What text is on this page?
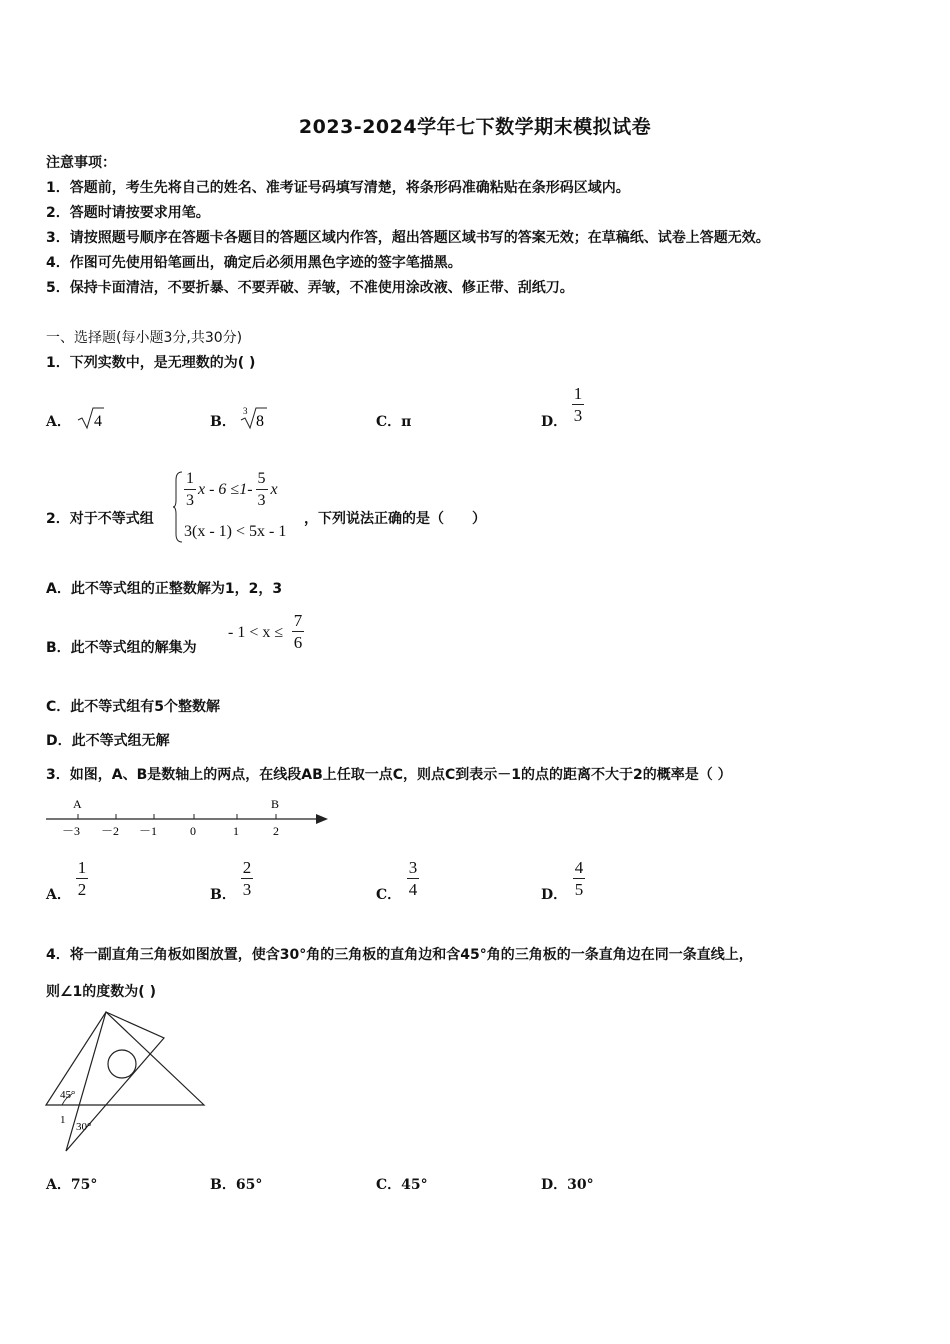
2023-2024学年七下数学期末模拟试卷
注意事项：
1．答题前，考生先将自己的姓名、准考证号码填写清楚，将条形码准确粘贴在条形码区域内。
2．答题时请按要求用笔。
3．请按照题号顺序在答题卡各题目的答题区域内作答，超出答题区域书写的答案无效；在草稿纸、试卷上答题无效。
4．作图可先使用铅笔画出，确定后必须用黑色字迹的签字笔描黑。
5．保持卡面清洁，不要折暴、不要弄破、弄皱，不准使用涂改液、修正带、刮纸刀。
一、选择题(每小题3分,共30分)
1．下列实数中，是无理数的为( )
A． 4	B．
3
8	C．π	D．
1
3
2．对于不等式组
$\frac{1}{3}$ $x - 6 \le 1- \frac{5}{3}$ x
3(x - 1) < 5x - 1
，下列说法正确的是（　　）
A．此不等式组的正整数解为1，2，3
B．此不等式组的解集为
- 1 < x ≤
7
6
C．此不等式组有5个整数解
D．此不等式组无解
3．如图，A、B是数轴上的两点，在线段AB上任取一点C，则点C到表示－1的点的距离不大于2的概率是（ ）
A	B
－3 －2 －1	0	1	2
A．
1
2	B．
2
3	C．
3
4	D．
4
5
4．将一副直角三角板如图放置，使含30°角的三角板的直角边和含45°角的三角板的一条直角边在同一条直线上，
则∠1的度数为( )
45°
1
30°
A．75°	B．65°	C．45°	D．30°
